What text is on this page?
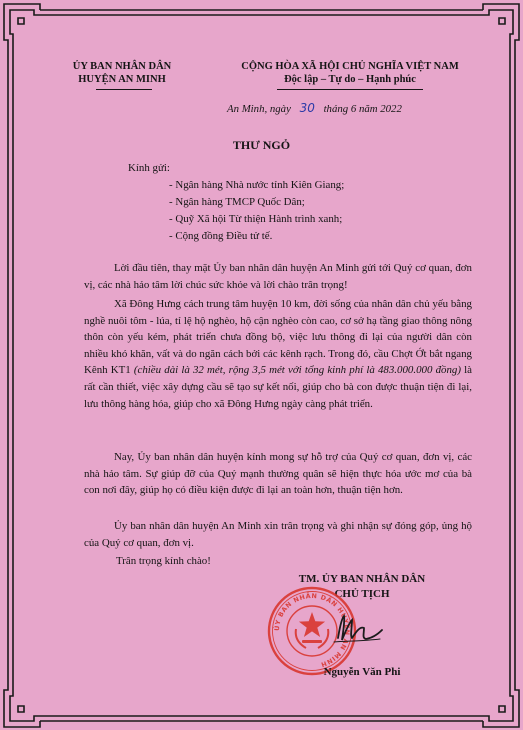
ỦY BAN NHÂN DÂN
HUYỆN AN MINH
CỘNG HÒA XÃ HỘI CHỦ NGHĨA VIỆT NAM
Độc lập – Tự do – Hạnh phúc
An Minh, ngày 30 tháng 6 năm 2022
THƯ NGỎ
Kính gửi:
- Ngân hàng Nhà nước tỉnh Kiên Giang;
- Ngân hàng TMCP Quốc Dân;
- Quỹ Xã hội Từ thiện Hành trình xanh;
- Cộng đồng Điều tử tế.
Lời đầu tiên, thay mặt Ủy ban nhân dân huyện An Minh gửi tới Quý cơ quan, đơn vị, các nhà hảo tâm lời chúc sức khỏe và lời chào trân trọng!
Xã Đông Hưng cách trung tâm huyện 10 km, đời sống của nhân dân chủ yếu bằng nghề nuôi tôm - lúa, tỉ lệ hộ nghèo, hộ cận nghèo còn cao, cơ sở hạ tầng giao thông nông thôn còn yếu kém, phát triển chưa đồng bộ, việc lưu thông đi lại của người dân còn nhiều khó khăn, vất và do ngăn cách bởi các kênh rạch. Trong đó, cầu Chợt Ớt bắt ngang Kênh KT1 (chiều dài là 32 mét, rộng 3,5 mét với tổng kinh phí là 483.000.000 đồng) là rất cần thiết, việc xây dựng cầu sẽ tạo sự kết nối, giúp cho bà con được thuận tiện đi lại, lưu thông hàng hóa, giúp cho xã Đông Hưng ngày càng phát triển.
Nay, Ủy ban nhân dân huyện kính mong sự hỗ trợ của Quý cơ quan, đơn vị, các nhà hảo tâm. Sự giúp đỡ của Quý mạnh thường quân sẽ hiện thực hóa ước mơ của bà con nơi đây, giúp họ có điều kiện được đi lại an toàn hơn, thuận tiện hơn.
Ủy ban nhân dân huyện An Minh xin trân trọng và ghi nhận sự đóng góp, ủng hộ của Quý cơ quan, đơn vị.
Trân trọng kính chào!
TM. ỦY BAN NHÂN DÂN
CHỦ TỊCH
ỦY BAN NHÂN DÂN HUYỆN AN MINH
Nguyễn Văn Phi
